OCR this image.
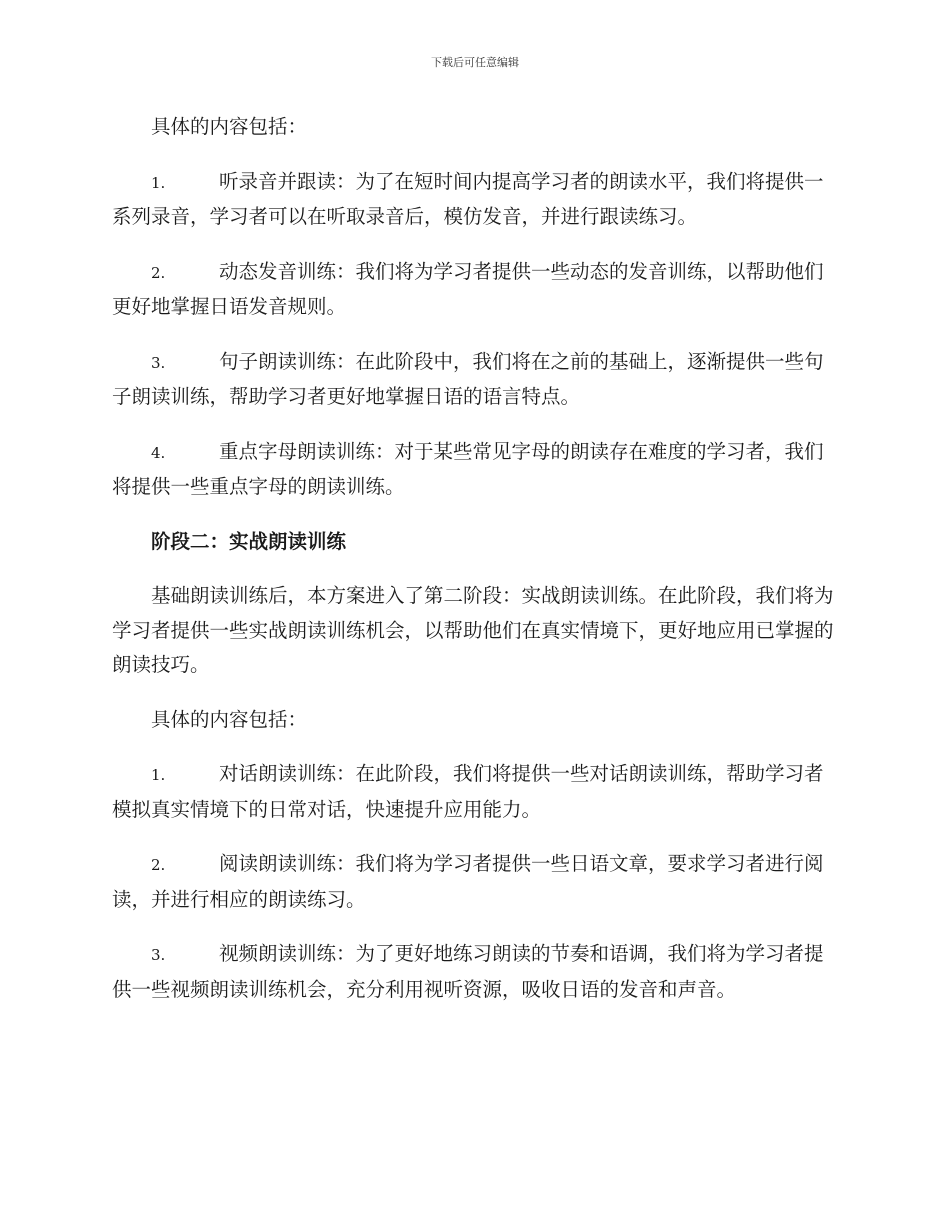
下载后可任意编辑

具体的内容包括：

1.	听录音并跟读：为了在短时间内提高学习者的朗读水平，我们将提供一系列录音，学习者可以在听取录音后，模仿发音，并进行跟读练习。

2.	动态发音训练：我们将为学习者提供一些动态的发音训练，以帮助他们更好地掌握日语发音规则。

3.	句子朗读训练：在此阶段中，我们将在之前的基础上，逐渐提供一些句子朗读训练，帮助学习者更好地掌握日语的语言特点。

4.	重点字母朗读训练：对于某些常见字母的朗读存在难度的学习者，我们将提供一些重点字母的朗读训练。

阶段二：实战朗读训练

基础朗读训练后，本方案进入了第二阶段：实战朗读训练。在此阶段，我们将为学习者提供一些实战朗读训练机会，以帮助他们在真实情境下，更好地应用已掌握的朗读技巧。

具体的内容包括：

1.	对话朗读训练：在此阶段，我们将提供一些对话朗读训练，帮助学习者模拟真实情境下的日常对话，快速提升应用能力。

2.	阅读朗读训练：我们将为学习者提供一些日语文章，要求学习者进行阅读，并进行相应的朗读练习。

3.	视频朗读训练：为了更好地练习朗读的节奏和语调，我们将为学习者提供一些视频朗读训练机会，充分利用视听资源，吸收日语的发音和声音。
